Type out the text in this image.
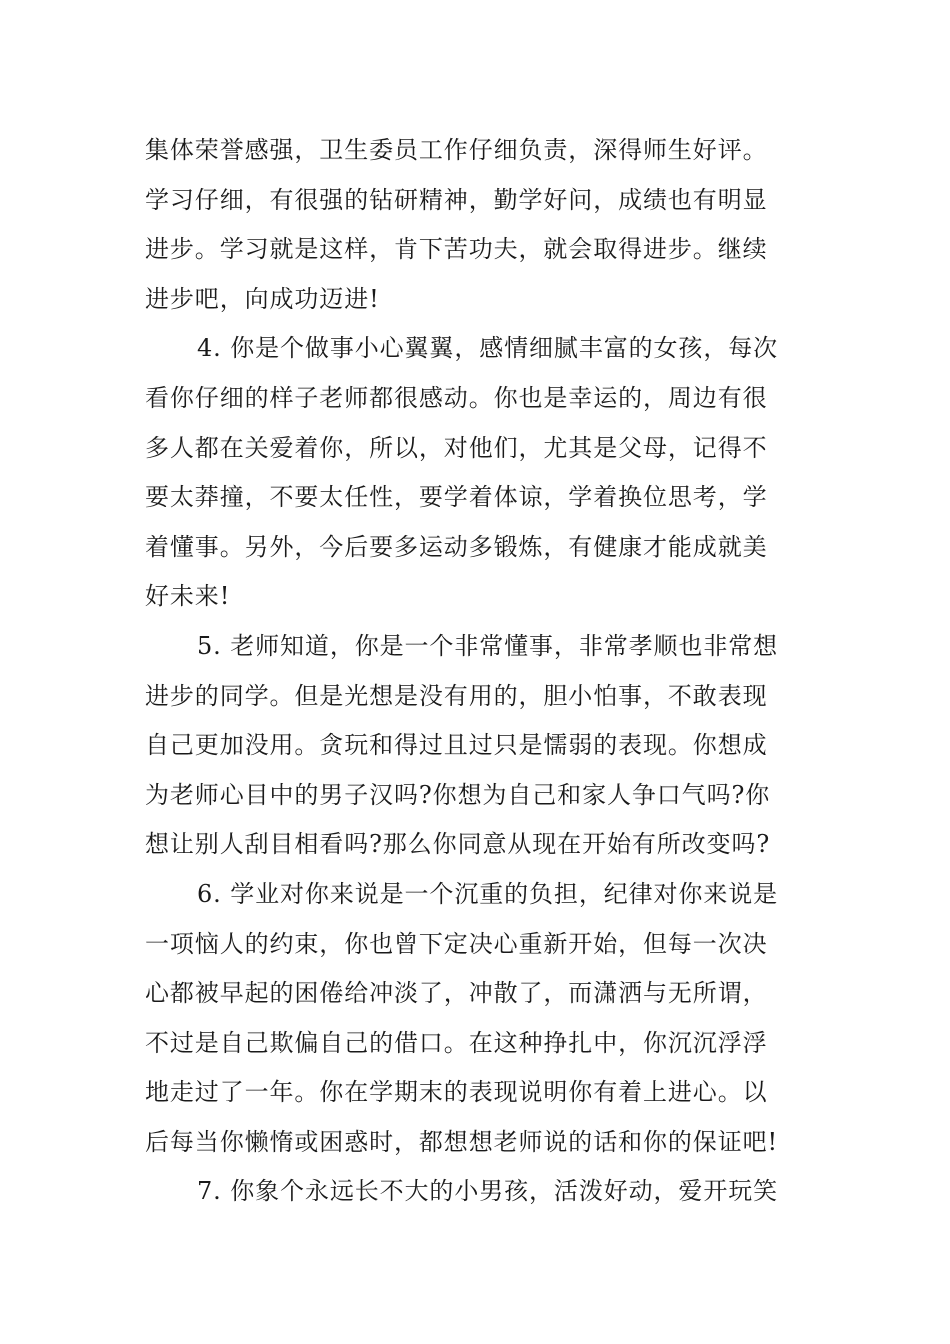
集体荣誉感强，卫生委员工作仔细负责，深得师生好评。
学习仔细，有很强的钻研精神，勤学好问，成绩也有明显
进步。学习就是这样，肯下苦功夫，就会取得进步。继续
进步吧，向成功迈进!
4. 你是个做事小心翼翼，感情细腻丰富的女孩，每次
看你仔细的样子老师都很感动。你也是幸运的，周边有很
多人都在关爱着你，所以，对他们，尤其是父母，记得不
要太莽撞，不要太任性，要学着体谅，学着换位思考，学
着懂事。另外，今后要多运动多锻炼，有健康才能成就美
好未来!
5. 老师知道，你是一个非常懂事，非常孝顺也非常想
进步的同学。但是光想是没有用的，胆小怕事，不敢表现
自己更加没用。贪玩和得过且过只是懦弱的表现。你想成
为老师心目中的男子汉吗?你想为自己和家人争口气吗?你
想让别人刮目相看吗?那么你同意从现在开始有所改变吗?
6. 学业对你来说是一个沉重的负担，纪律对你来说是
一项恼人的约束，你也曾下定决心重新开始，但每一次决
心都被早起的困倦给冲淡了，冲散了，而潇洒与无所谓，
不过是自己欺偏自己的借口。在这种挣扎中，你沉沉浮浮
地走过了一年。你在学期末的表现说明你有着上进心。以
后每当你懒惰或困惑时，都想想老师说的话和你的保证吧!
7. 你象个永远长不大的小男孩，活泼好动，爱开玩笑
